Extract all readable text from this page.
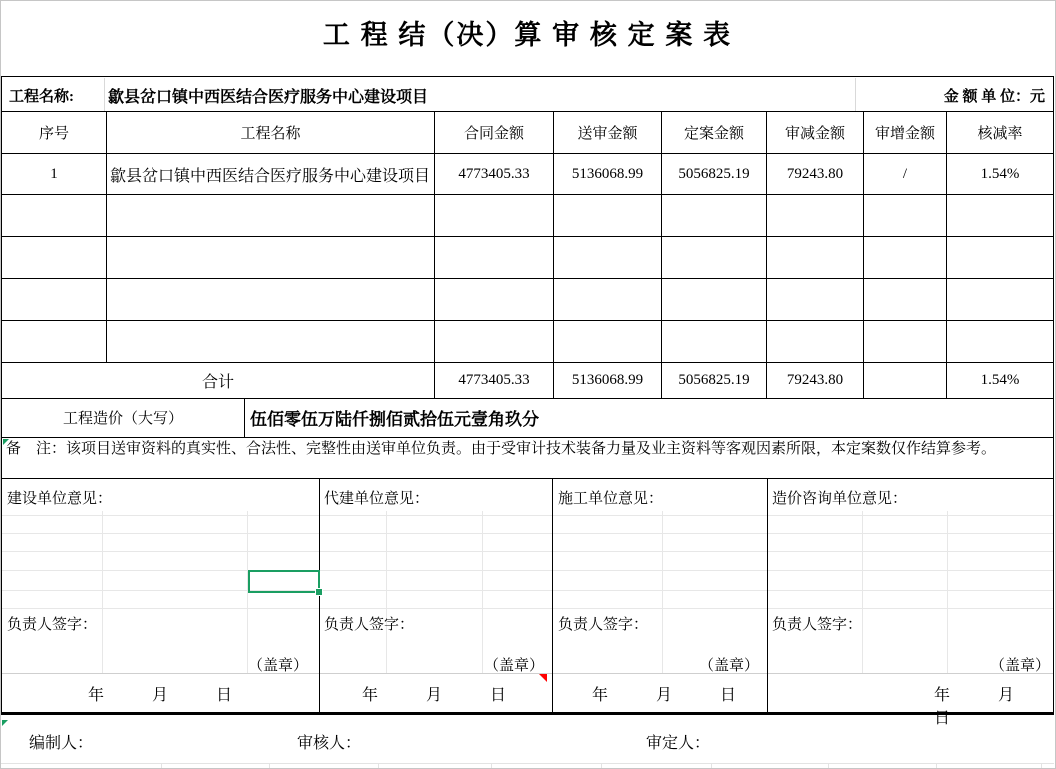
工 程 结（决）算 审 核 定 案 表
工程名称: 歙县岔口镇中西医结合医疗服务中心建设项目	金 额 单 位：元
序号	工程名称	合同金额	送审金额	定案金额	审减金额	审增金额	核减率
1	歙县岔口镇中西医结合医疗服务中心建设项目	4773405.33	5136068.99	5056825.19	79243.80	/	1.54%

合计		4773405.33	5136068.99	5056825.19	79243.80		1.54%
工程造价（大写）	伍佰零伍万陆仟捌佰贰拾伍元壹角玖分
备　注：该项目送审资料的真实性、合法性、完整性由送审单位负责。由于受审计技术装备力量及业主资料等客观因素所限，本定案数仅作结算参考。
建设单位意见：
负责人签字：
（盖章）
年	月	日
代建单位意见：
负责人签字：
（盖章）
年	月	日
施工单位意见：
负责人签字：
（盖章）
年	月	日
造价咨询单位意见：
负责人签字：
（盖章）
年	月日
编制人：	审核人：	审定人：
